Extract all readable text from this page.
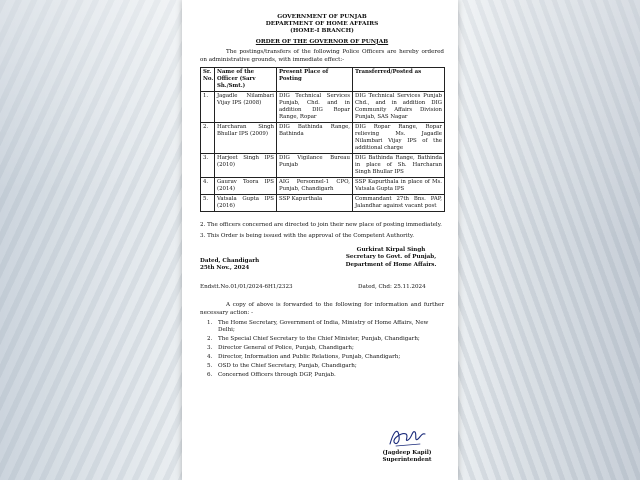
GOVERNMENT OF PUNJAB
DEPARTMENT OF HOME AFFAIRS
(HOME-I BRANCH)
ORDER OF THE GOVERNOR OF PUNJAB
The postings/transfers of the following Police Officers are hereby ordered on administrative grounds, with immediate effect:-
Sr. No.	Name of the Officer (Sarv Sh./Smt.)	Present Place of Posting	Transferred/Posted as
1.	Jagadle Nilambari Vijay IPS (2008)	DIG Technical Services Punjab, Chd. and in addition DIG Ropar Range, Ropar	DIG Technical Services Punjab Chd., and in addition DIG Community Affairs Division Punjab, SAS Nagar
2.	Harcharan Singh Bhullar IPS (2009)	DIG Bathinda Range, Bathinda	DIG Ropar Range, Ropar relieving Ms. Jagadle Nilambari Vijay IPS of the additional charge
3.	Harjeet Singh IPS (2010)	DIG Vigilance Bureau Punjab	DIG Bathinda Range, Bathinda in place of Sh. Harcharan Singh Bhullar IPS
4.	Gaurav Toora IPS (2014)	AIG Personnel-1 CPO, Punjab, Chandigarh	SSP Kapurthala in place of Ms. Vatsala Gupta IPS
5.	Vatsala Gupta IPS (2016)	SSP Kapurthala	Commandant 27th Bns. PAP, Jalandhar against vacant post
2. The officers concerned are directed to join their new place of posting immediately.
3. This Order is being issued with the approval of the Competent Authority.
Dated, Chandigarh
25th Nov., 2024
Gurkirat Kirpal Singh
Secretary to Govt. of Punjab,
Department of Home Affairs.
Endstt.No.01/01/2024-6H1/2323	Dated, Chd: 25.11.2024
A copy of above is forwarded to the following for information and further necessary action: -
1. The Home Secretary, Government of India, Ministry of Home Affairs, New Delhi;
2. The Special Chief Secretary to the Chief Minister, Punjab, Chandigarh;
3. Director General of Police, Punjab, Chandigarh;
4. Director, Information and Public Relations, Punjab, Chandigarh;
5. OSD to the Chief Secretary, Punjab, Chandigarh;
6. Concerned Officers through DGP, Punjab.
(Jagdeep Kapil)
Superintendent
